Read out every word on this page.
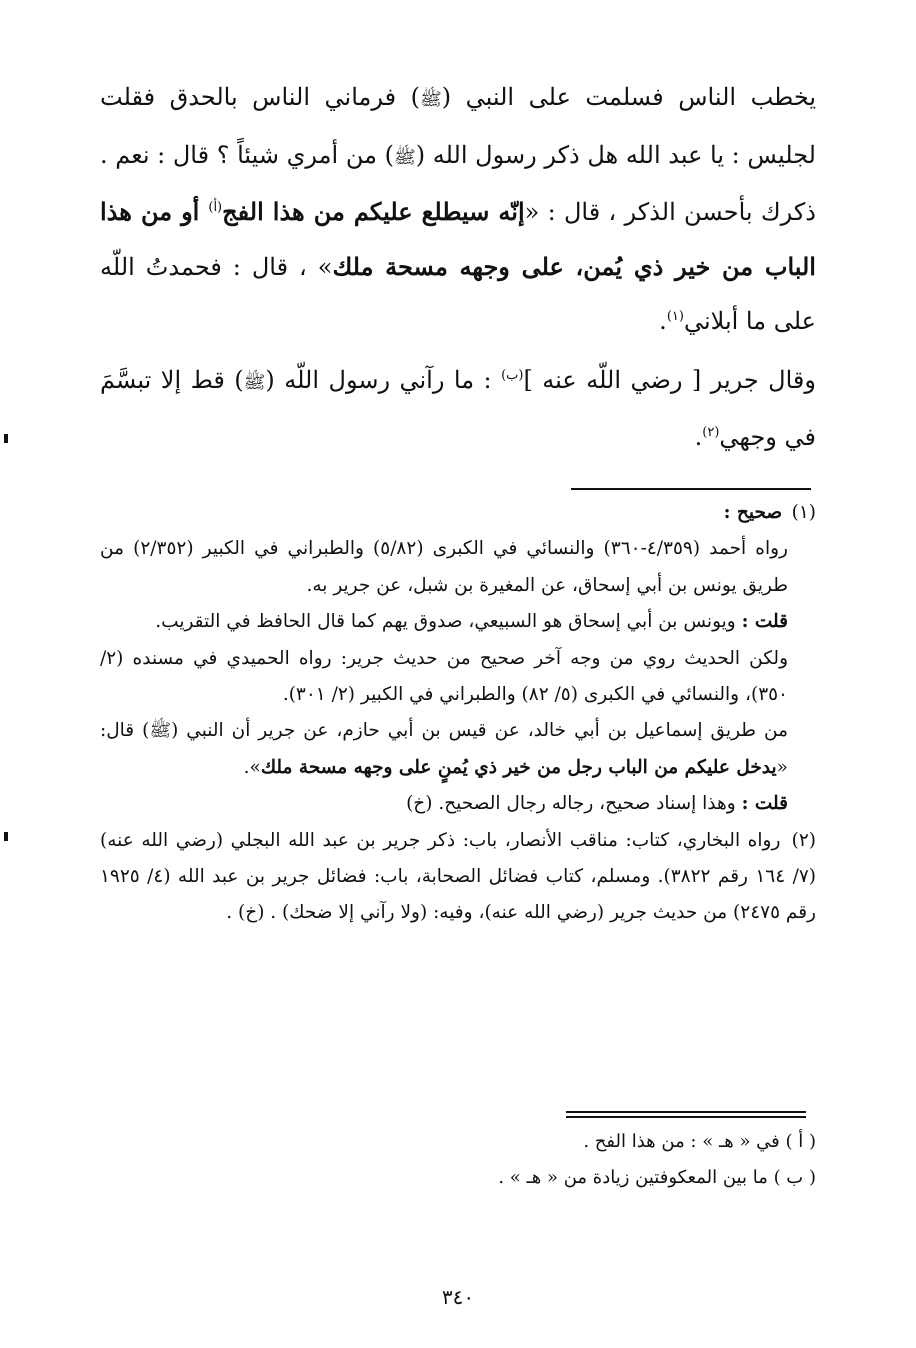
يخطب الناس فسلمت على النبي (ﷺ) فرماني الناس بالحدق فقلت لجليس : يا عبد الله هل ذكر رسول الله (ﷺ) من أمري شيئاً ؟ قال : نعم . ذكرك بأحسن الذكر ، قال : «إنّه سيطلع عليكم من هذا الفج$^{(أ)}$ أو من هذا الباب من خير ذي يُمن، على وجهه مسحة ملك» ، قال : فحمدتُ اللّه على ما أبلاني$^{(١)}$.

وقال جرير [ رضي اللّه عنه ]$^{(ب)}$ : ما رآني رسول اللّه (ﷺ) قط إلا تبسَّمَ في وجهي$^{(٢)}$.

(١) صحيح :

رواه أحمد (٤/٣٥٩-٣٦٠) والنسائي في الكبرى (٥/٨٢) والطبراني في الكبير (٢/٣٥٢) من طريق يونس بن أبي إسحاق، عن المغيرة بن شبل، عن جرير به.

قلت : ويونس بن أبي إسحاق هو السبيعي، صدوق يهم كما قال الحافظ في التقريب.

ولكن الحديث روي من وجه آخر صحيح من حديث جرير: رواه الحميدي في مسنده (٢/ ٣٥٠)، والنسائي في الكبرى (٥/ ٨٢) والطبراني في الكبير (٢/ ٣٠١).

من طريق إسماعيل بن أبي خالد، عن قيس بن أبي حازم، عن جرير أن النبي (ﷺ) قال: «يدخل عليكم من الباب رجل من خير ذي يُمنٍ على وجهه مسحة ملك».

قلت : وهذا إسناد صحيح، رجاله رجال الصحيح. (خ)

(٢) رواه البخاري، كتاب: مناقب الأنصار، باب: ذكر جرير بن عبد الله البجلي (رضي الله عنه) (٧/ ١٦٤ رقم ٣٨٢٢). ومسلم، كتاب فضائل الصحابة، باب: فضائل جرير بن عبد الله (٤/ ١٩٢٥ رقم ٢٤٧٥) من حديث جرير (رضي الله عنه)، وفيه: (ولا رآني إلا ضحك) . (خ) .

( أ ) في « هـ » : من هذا الفح .

( ب ) ما بين المعكوفتين زيادة من « هـ » .

٣٤٠
